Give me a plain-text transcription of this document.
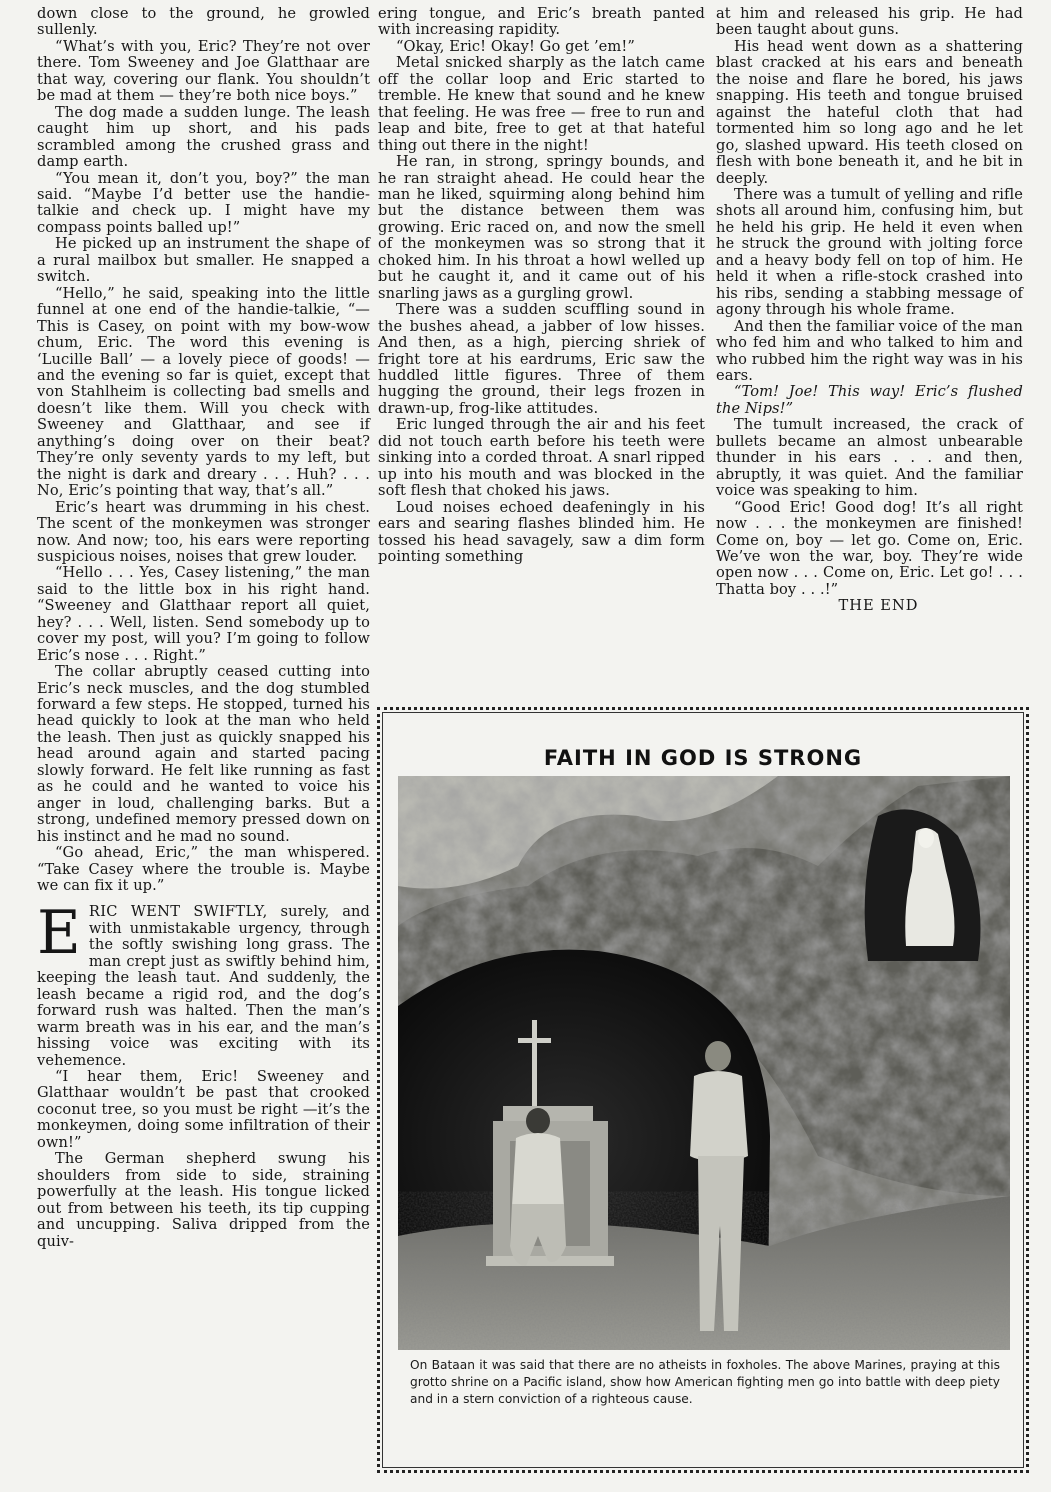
down close to the ground, he growled sullenly.

“What’s with you, Eric? They’re not over there. Tom Sweeney and Joe Glatthaar are that way, covering our flank. You shouldn’t be mad at them — they’re both nice boys.”

The dog made a sudden lunge. The leash caught him up short, and his pads scrambled among the crushed grass and damp earth.

“You mean it, don’t you, boy?” the man said. “Maybe I’d better use the handie-talkie and check up. I might have my compass points balled up!”

He picked up an instrument the shape of a rural mailbox but smaller. He snapped a switch.

“Hello,” he said, speaking into the little funnel at one end of the handie-talkie, “— This is Casey, on point with my bow-wow chum, Eric. The word this evening is ‘Lucille Ball’ — a lovely piece of goods! — and the evening so far is quiet, except that von Stahlheim is collecting bad smells and doesn’t like them. Will you check with Sweeney and Glatthaar, and see if anything’s doing over on their beat? They’re only seventy yards to my left, but the night is dark and dreary . . . Huh? . . . No, Eric’s pointing that way, that’s all.”

Eric’s heart was drumming in his chest. The scent of the monkeymen was stronger now. And now; too, his ears were reporting suspicious noises, noises that grew louder.

“Hello . . . Yes, Casey listening,” the man said to the little box in his right hand. “Sweeney and Glatthaar report all quiet, hey? . . . Well, listen. Send somebody up to cover my post, will you? I’m going to follow Eric’s nose . . . Right.”

The collar abruptly ceased cutting into Eric’s neck muscles, and the dog stumbled forward a few steps. He stopped, turned his head quickly to look at the man who held the leash. Then just as quickly snapped his head around again and started pacing slowly forward. He felt like running as fast as he could and he wanted to voice his anger in loud, challenging barks. But a strong, undefined memory pressed down on his instinct and he mad no sound.

“Go ahead, Eric,” the man whispered. “Take Casey where the trouble is. Maybe we can fix it up.”

ERIC WENT SWIFTLY, surely, and with unmistakable urgency, through the softly swishing long grass. The man crept just as swiftly behind him, keeping the leash taut. And suddenly, the leash became a rigid rod, and the dog’s forward rush was halted. Then the man’s warm breath was in his ear, and the man’s hissing voice was exciting with its vehemence.

“I hear them, Eric! Sweeney and Glatthaar wouldn’t be past that crooked coconut tree, so you must be right —it’s the monkeymen, doing some infiltration of their own!”

The German shepherd swung his shoulders from side to side, straining powerfully at the leash. His tongue licked out from between his teeth, its tip cupping and uncupping. Saliva dripped from the quiv-

ering tongue, and Eric’s breath panted with increasing rapidity.

“Okay, Eric! Okay! Go get ’em!”

Metal snicked sharply as the latch came off the collar loop and Eric started to tremble. He knew that sound and he knew that feeling. He was free — free to run and leap and bite, free to get at that hateful thing out there in the night!

He ran, in strong, springy bounds, and he ran straight ahead. He could hear the man he liked, squirming along behind him but the distance between them was growing. Eric raced on, and now the smell of the monkeymen was so strong that it choked him. In his throat a howl welled up but he caught it, and it came out of his snarling jaws as a gurgling growl.

There was a sudden scuffling sound in the bushes ahead, a jabber of low hisses. And then, as a high, piercing shriek of fright tore at his eardrums, Eric saw the huddled little figures. Three of them hugging the ground, their legs frozen in drawn-up, frog-like attitudes.

Eric lunged through the air and his feet did not touch earth before his teeth were sinking into a corded throat. A snarl ripped up into his mouth and was blocked in the soft flesh that choked his jaws.

Loud noises echoed deafeningly in his ears and searing flashes blinded him. He tossed his head savagely, saw a dim form pointing something

at him and released his grip. He had been taught about guns.

His head went down as a shattering blast cracked at his ears and beneath the noise and flare he bored, his jaws snapping. His teeth and tongue bruised against the hateful cloth that had tormented him so long ago and he let go, slashed upward. His teeth closed on flesh with bone beneath it, and he bit in deeply.

There was a tumult of yelling and rifle shots all around him, confusing him, but he held his grip. He held it even when he struck the ground with jolting force and a heavy body fell on top of him. He held it when a rifle-stock crashed into his ribs, sending a stabbing message of agony through his whole frame.

And then the familiar voice of the man who fed him and who talked to him and who rubbed him the right way was in his ears.

“Tom! Joe! This way! Eric’s flushed the Nips!”

The tumult increased, the crack of bullets became an almost unbearable thunder in his ears . . . and then, abruptly, it was quiet. And the familiar voice was speaking to him.

“Good Eric! Good dog! It’s all right now . . . the monkeymen are finished! Come on, boy — let go. Come on, Eric. We’ve won the war, boy. They’re wide open now . . . Come on, Eric. Let go! . . . Thatta boy . . .!”

THE END

FAITH IN GOD IS STRONG
On Bataan it was said that there are no atheists in foxholes. The above Marines, praying at this grotto shrine on a Pacific island, show how American fighting men go into battle with deep piety and in a stern conviction of a righteous cause.
